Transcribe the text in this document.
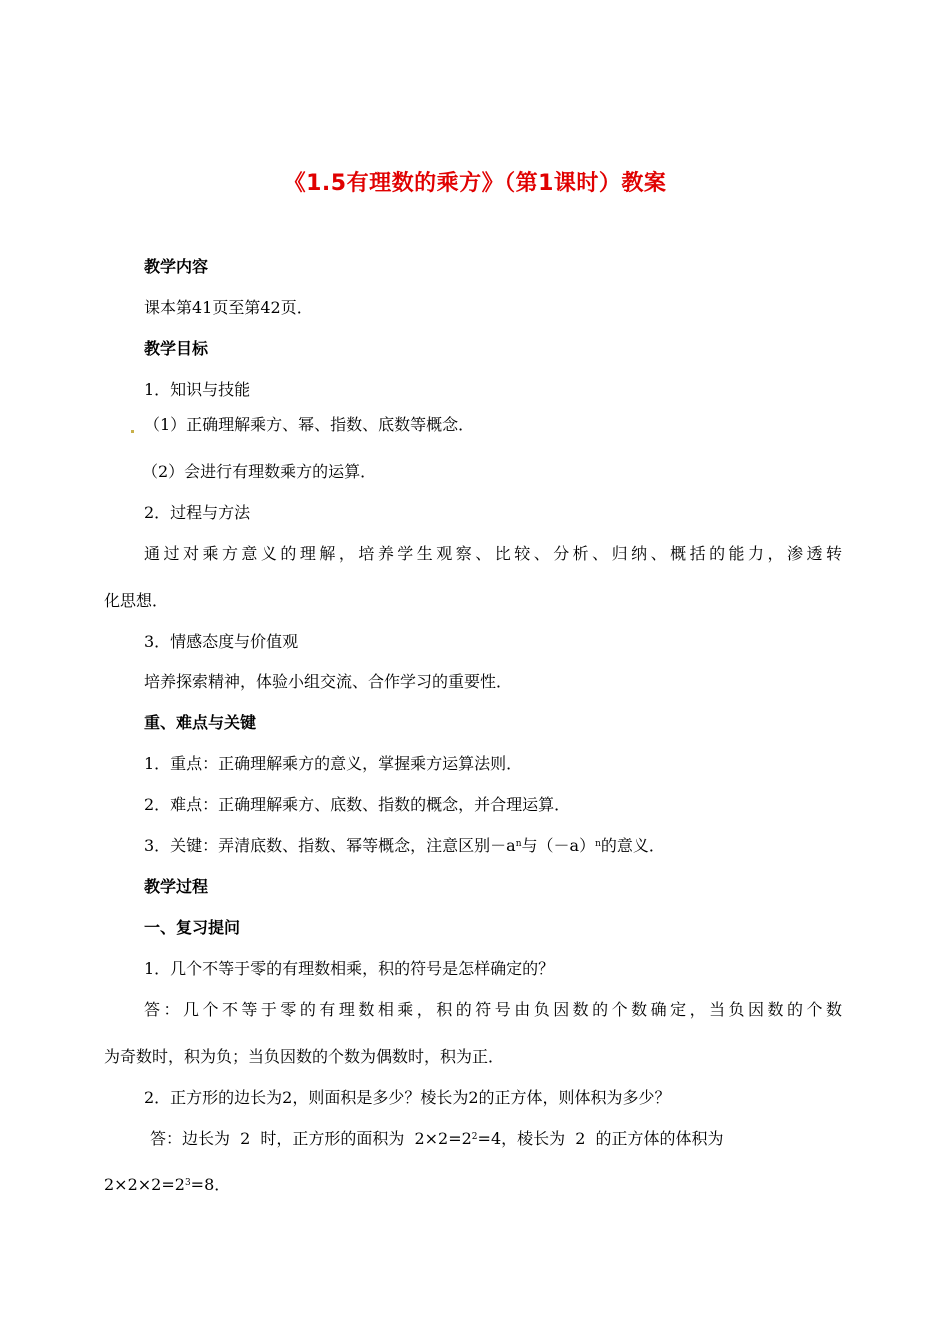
《1.5有理数的乘方》（第1课时）教案
教学内容
课本第41页至第42页．
教学目标
1．知识与技能
（1）正确理解乘方、幂、指数、底数等概念．
（2）会进行有理数乘方的运算．
2．过程与方法
通过对乘方意义的理解，培养学生观察、比较、分析、归纳、概括的能力，渗透转
化思想．
3．情感态度与价值观
培养探索精神，体验小组交流、合作学习的重要性．
重、难点与关键
1．重点：正确理解乘方的意义，掌握乘方运算法则．
2．难点：正确理解乘方、底数、指数的概念，并合理运算．
3．关键：弄清底数、指数、幂等概念，注意区别$-a^n$与$(-a)^n$的意义．
教学过程
一、复习提问
1．几个不等于零的有理数相乘，积的符号是怎样确定的？
答：几个不等于零的有理数相乘，积的符号由负因数的个数确定，当负因数的个数
为奇数时，积为负；当负因数的个数为偶数时，积为正．
2．正方形的边长为2，则面积是多少？棱长为2的正方体，则体积为多少？
答：边长为 2 时，正方形的面积为 $2\times 2=2^2=4$，棱长为 2 的正方体的体积为
$2\times 2\times 2=2^3=8$．
